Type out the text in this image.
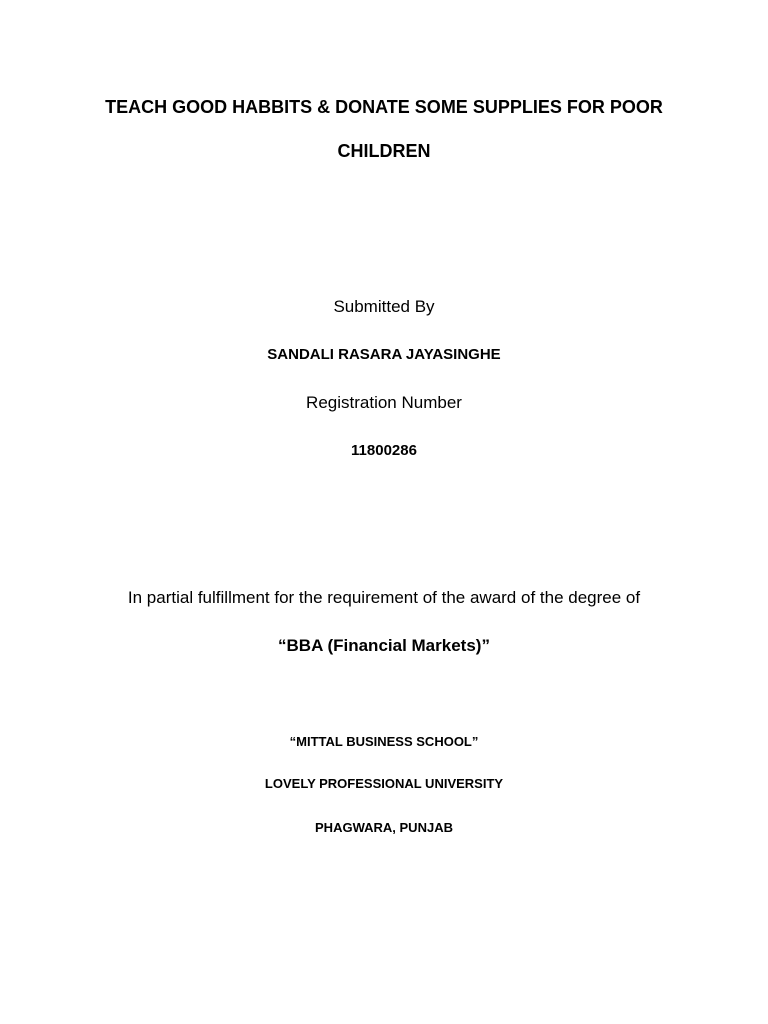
TEACH GOOD HABBITS & DONATE SOME SUPPLIES FOR POOR
CHILDREN
Submitted By
SANDALI RASARA JAYASINGHE
Registration Number
11800286
In partial fulfillment for the requirement of the award of the degree of
“BBA (Financial Markets)”
“MITTAL BUSINESS SCHOOL”
LOVELY PROFESSIONAL UNIVERSITY
PHAGWARA, PUNJAB
